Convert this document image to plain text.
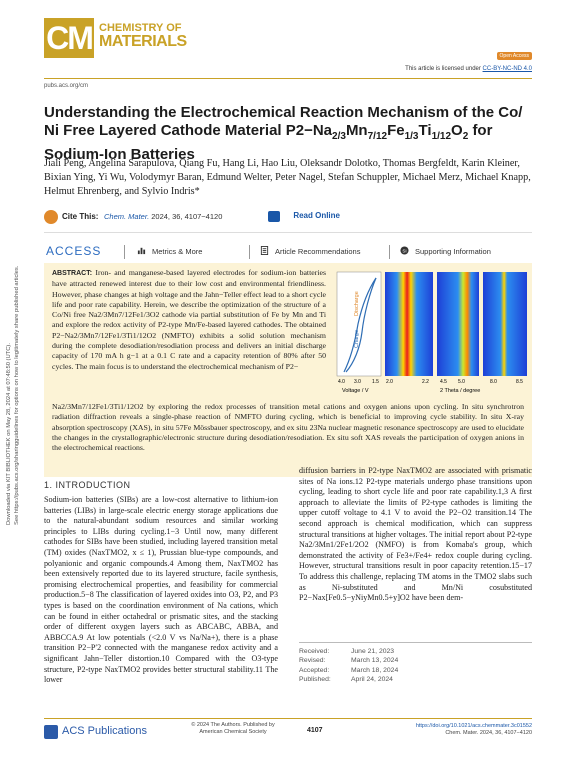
Downloaded via KIT BIBLIOTHEK on May 28, 2024 at 07:48:50 (UTC). See https://pubs.acs.org/sharingguidelines for options on how to legitimately share published articles.
CM CHEMISTRY OF
MATERIALS
Open Access
This article is licensed under CC-BY-NC-ND 4.0
pubs.acs.org/cm
Understanding the Electrochemical Reaction Mechanism of the Co/
Ni Free Layered Cathode Material $P2-Na_{2/3}Mn_{7/12}Fe_{1/3}Ti_{1/12}O_2$ for
Sodium-Ion Batteries
Jiali Peng, Angelina Sarapulova, Qiang Fu, Hang Li, Hao Liu, Oleksandr Dolotko, Thomas Bergfeldt, Karin Kleiner, Bixian Ying, Yi Wu, Volodymyr Baran, Edmund Welter, Peter Nagel, Stefan Schuppler, Michael Merz, Michael Knapp, Helmut Ehrenberg, and Sylvio Indris*
Cite This: Chem. Mater. 2024, 36, 4107−4120	Read Online
ACCESS	Metrics & More	Article Recommendations	SI Supporting Information
ABSTRACT: Iron- and manganese-based layered electrodes for sodium-ion batteries have attracted renewed interest due to their low cost and environmental friendliness. However, phase changes at high voltage and the Jahn−Teller effect lead to a short cycle life and poor rate capability. Herein, we describe the optimization of the structure of a Co/Ni free Na2/3Mn7/12Fe1/3O2 cathode via partial substitution of Fe by Mn and Ti and explore the redox activity of P2-type Mn/Fe-based layered cathodes. The obtained P2−Na2/3Mn7/12Fe1/3Ti1/12O2 (NMFTO) exhibits a solid solution mechanism during the complete desodiation/resodiation process and delivers an initial discharge capacity of 170 mA h g−1 at a 0.1 C rate and a capacity retention of 80% after 50 cycles. The main focus is to understand the electrochemical mechanism of P2−
Na2/3Mn7/12Fe1/3Ti1/12O2 by exploring the redox processes of transition metal cations and oxygen anions upon cycling. In situ synchrotron radiation diffraction reveals a single-phase reaction of NMFTO during cycling, which is beneficial to improving cycle stability. In situ X-ray absorption spectroscopy (XAS), in situ 57Fe Mössbauer spectroscopy, and ex situ 23Na nuclear magnetic resonance spectroscopy are used to elucidate the changes in the crystallographic/electronic structure during desodiation/resodiation. Ex situ soft XAS reveals the participation of oxygen anions in the electrochemical reactions.
Charge
Discharge
4.0 3.0 1.5 2.0	2.2 4.5 5.0	8.0	8.5
Voltage / V	2 Theta / degree
1. INTRODUCTION
Sodium-ion batteries (SIBs) are a low-cost alternative to lithium-ion batteries (LIBs) in large-scale electric energy storage applications due to the natural-abundant sodium resources and similar working principles to LIBs during cycling.1−3 Until now, many different cathodes for SIBs have been studied, including layered transition metal (TM) oxides (NaxTMO2, x ≤ 1), Prussian blue-type compounds, and polyanionic and organic compounds.4 Among them, NaxTMO2 has been extensively reported due to its layered structure, facile synthesis, promising electrochemical properties, and feasibility for commercial production.5−8 The classification of layered oxides into O3, P2, and P3 types is based on the coordination environment of Na cations, which can be found in either octahedral or prismatic sites, and the stacking order of different oxygen layers such as ABCABC, ABBA, and ABBCCA.9 At low potentials (<2.0 V vs Na/Na+), there is a phase transition P2−P′2 connected with the manganese redox activity and a significant Jahn−Teller distortion.10 Compared with the O3-type structure, P2-type NaxTMO2 provides better structural stability.11 The lower
diffusion barriers in P2-type NaxTMO2 are associated with prismatic sites of Na ions.12 P2-type materials undergo phase transitions upon cycling, leading to short cycle life and poor rate capability.1,3 A first approach to alleviate the limits of P2-type cathodes is limiting the upper cutoff voltage to 4.1 V to avoid the P2−O2 transition.14 The second approach is chemical modification, which can suppress structural transitions at higher voltages. The initial report about P2-type Na2/3Mn1/2Fe1/2O2 (NMFO) is from Komaba's group, which demonstrated the activity of Fe3+/Fe4+ redox couple during cycling. However, structural transitions result in poor capacity retention.15−17 To address this challenge, replacing TM atoms in the TMO2 slabs such as Ni-substituted and Mn/Ni cosubstituted P2−Nax[Fe0.5−yNiyMn0.5+y]O2 have been dem-
Received:	June 21, 2023
Revised:	March 13, 2024
Accepted:	March 18, 2024
Published:	April 24, 2024
ACS Publications	© 2024 The Authors. Published by
American Chemical Society	4107
https://doi.org/10.1021/acs.chemmater.3c01552
Chem. Mater. 2024, 36, 4107−4120
